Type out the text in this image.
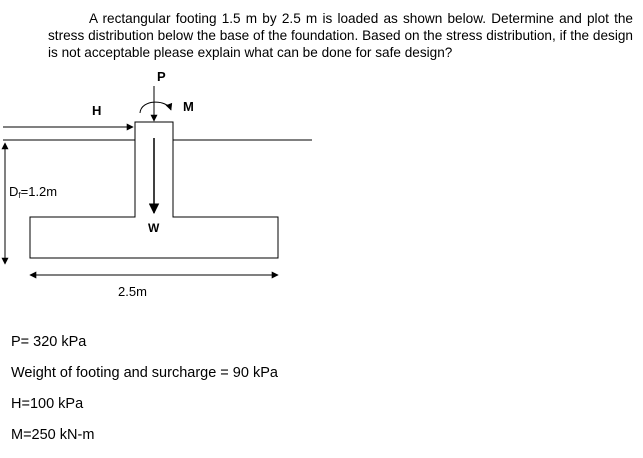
A rectangular footing 1.5 m by 2.5 m is loaded as shown below. Determine and plot the stress distribution below the base of the foundation. Based on the stress distribution, if the design is not acceptable please explain what can be done for safe design?

H
P
M
W
Df=1.2m
2.5m
P= 320 kPa
Weight of footing and surcharge = 90 kPa
H=100 kPa
M=250 kN-m
